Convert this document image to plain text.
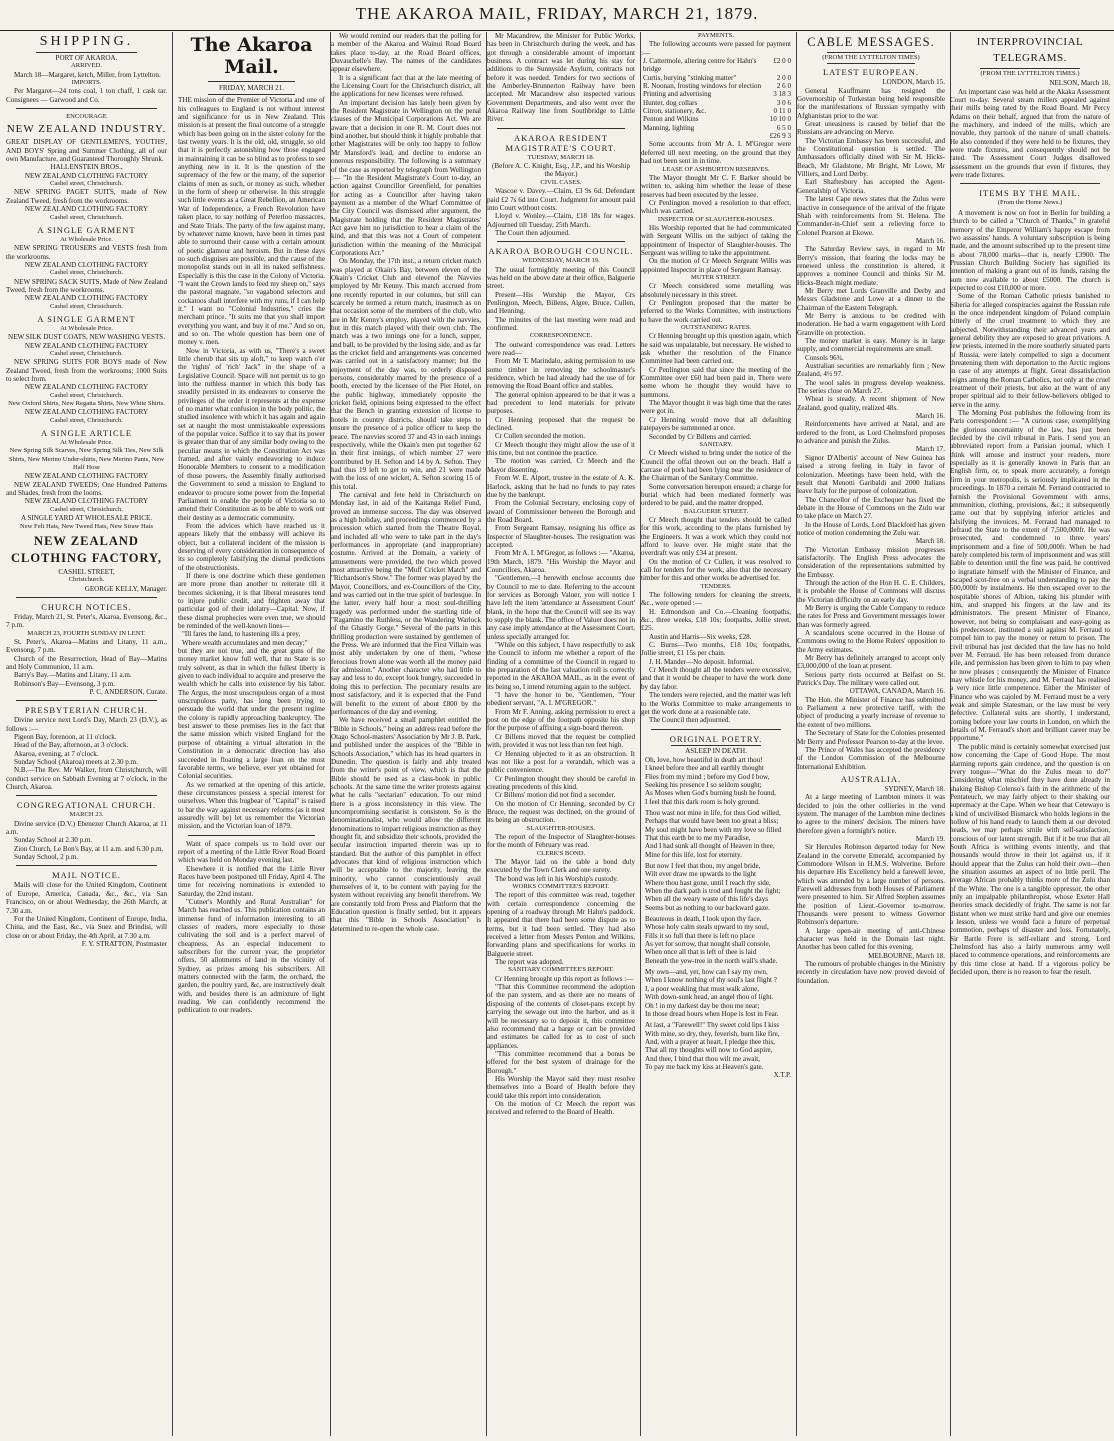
THE AKAROA MAIL, FRIDAY, MARCH 21, 1879.
SHIPPING.

PORT OF AKAROA.

ARRIVED.

March 18—Margaret, ketch, Miller, from Lyttelton.

IMPORTS.

Per Margaret—24 tons coal, 1 ton chaff, 1 cask tar. Consignees — Garwood and Co.

ENCOURAGE

NEW ZEALAND INDUSTRY.

GREAT DISPLAY OF GENTLEMEN'S, YOUTHS', AND BOYS' Spring and Summer Clothing, all of our own Manufacture, and Guaranteed Thoroughly Shrunk.

HALLENSTEIN BROS.,

NEW ZEALAND CLOTHING FACTORY

Cashel street, Christchurch.

NEW SPRING PAGET SUITS, made of New Zealand Tweed, fresh from the workrooms.

NEW ZEALAND CLOTHING FACTORY

Cashel street, Christchurch.

A SINGLE GARMENT

At Wholesale Price.

NEW SPRING TROUSERS and VESTS fresh from the workrooms.

NEW ZEALAND CLOTHING FACTORY

Cashel street, Christchurch.

NEW SPRING SACK SUITS, Made of New Zealand Tweed, fresh from the workrooms.

NEW ZEALAND CLOTHING FACTORY

Cashel street, Christchurch.

A SINGLE GARMENT

At Wholesale Price.

NEW SILK DUST COATS, NEW WASHING VESTS.

NEW ZEALAND CLOTHING FACTORY

Cashel street, Christchurch.

NEW SPRING SUITS FOR BOYS made of New Zealand Tweed, fresh from the workrooms; 1000 Suits to select from.

NEW ZEALAND CLOTHING FACTORY

Cashel street, Christchurch.

New Oxford Shirts, New Regatta Shirts, New White Shirts.

NEW ZEALAND CLOTHING FACTORY

Cashel street, Christchurch.

A SINGLE ARTICLE

At Wholesale Price.

New Spring Silk Scarves, New Spring Silk Ties, New Silk Shirts, New Merino Under-shirts, New Merino Pants, New Half Hose

NEW ZEALAND CLOTHING FACTORY

NEW ZEALAND TWEEDS; One Hundred Patterns and Shades, fresh from the looms.

NEW ZEALAND CLOTHING FACTORY

Cashel street, Christchurch.

A SINGLE YARD AT WHOLESALE PRICE.

New Felt Hats, New Tweed Hats, New Straw Hats

NEW ZEALAND
CLOTHING FACTORY,

CASHEL STREET,

Christchurch.

GEORGE KELLY, Manager.

CHURCH NOTICES.

Friday, March 21, St. Peter's, Akaroa, Evensong, &c., 7 p.m.

MARCH 23, FOURTH SUNDAY IN LENT.

St. Peter's, Akaroa—Matins and Litany, 11 a.m., Evensong, 7 p.m.

Church of the Resurrection, Head of Bay—Matins and Holy Communion, 11 a.m.

Barry's Bay.—Matins and Litany, 11 a.m.

Robinson's Bay—Evensong, 3 p.m.

P. C. ANDERSON, Curate.

PRESBYTERIAN CHURCH.

Divine service next Lord's Day, March 23 (D.V.), as follows :—

Pigeon Bay, forenoon, at 11 o'clock.

Head of the Bay, afternoon, at 3 o'clock.

Akaroa, evening, at 7 o'clock.

Sunday School (Akaroa) meets at 2.30 p.m.

N.B.—The Rev. Mr Walker, from Christchurch, will conduct service on Sabbath Evening at 7 o'clock, in the Church, Akaroa.

CONGREGATIONAL CHURCH.

MARCH 23.

Divine service (D.V.) Ebenezer Church Akaroa, at 11 a.m.

Sunday School at 2.30 p.m.

Zion Church, Le Bon's Bay, at 11 a.m. and 6.30 p.m.

Sunday School, 2 p.m.

MAIL NOTICE.

Mails will close for the United Kingdom, Continent of Europe, America, Canada, &c., &c., via San Francisco, on or about Wednesday, the 26th March, at 7.30 a.m.

For the United Kingdom, Continent of Europe, India, China, and the East, &c., via Suez and Brindisi, will close on or about Friday, the 4th April, at 7.30 a.m.

F. Y. STRATTON, Postmaster

The Akaroa Mail.

FRIDAY, MARCH 21.

THE mission of the Premier of Victoria and one of his colleagues to England is not without interest and significance for us in New Zealand. This mission is at present the final outcome of a struggle which has been going on in the sister colony for the last twenty years. It is the old, old, struggle, so old that it is perfectly astonishing how those engaged in maintaining it can be so blind as to profess to see anything new in it. It is the question of the supremacy of the few or the many, of the superior claims of men as such, or money as such, whether in the form of sheep or otherwise. In this struggle such little events as a Great Rebellion, an American War of Independence, a French Revolution have taken place, to say nothing of Peterloo massacres, and State Trials. The party of the few against many, by whatever name known, have been in times past able to surround their cause with a certain amount of poetic glamour and heroism. But in these days no such disguises are possible, and the cause of the monopolist stands out in all its naked selfishness. Especially is this the case in the Colony of Victoria. "I want the Crown lands to feed my sheep on," says the pastoral magnate, "so vagabond selectors and cockatoos shall interfere with my runs, if I can help it." I want no "Colonial Industries," cries the merchant prince. "It suits me that you shall import everything you want, and buy it of me." And so on, and so on. The whole question has been one of money v. men.

Now in Victoria, as with us, "There's a sweet little cherub that sits up aloft," to keep watch o'er the 'rights' of 'rich' Jack" in the shape of a Legislative Council. Space will not permit us to go into the ruthless manner in which this body has steadily persisted in its endeavors to conserve the privileges of the order it represents at the expense of no matter what confusion in the body politic, the studied insolence with which it has again and again set at naught the most unmistakeable expressions of the popular voice. Suffice it to say that its power is greater than that of any similar body owing to the peculiar means in which the Constitution Act was framed, and after vainly endeavoring to induce Honorable Members to consent to a modification of those powers, the Assembly finally authorised the Government to send a mission to England to endeavor to procure some power from the Imperial Parliament to enable the people of Victoria so to amend their Constitution as to be able to work out their destiny as a democratic community.

From the advices which have reached us it appears likely that the embassy will achieve its object, but a collateral incident of the mission is deserving of every consideration in consequence of its so completely falsifying the dismal predictions of the obstructionists.

If there is one doctrine which these gentlemen are more prone than another to reiterate till it becomes sickening, it is that liberal measures tend to injure public credit, and frighten away that particular god of their idolatry—Capital. Now, if these dismal prophecies were even true, we should be reminded of the well-known lines—

"Ill fares the land, to hastening ills a prey,

Where wealth accumulates and men decay;"

but they are not true, and the great guns of the money market know full well, that no State is so truly solvent, as that in which the fullest liberty is given to each individual to acquire and preserve the wealth which he calls into existence by his labor. The Argus, the most unscrupulous organ of a most unscrupulous party, has long been trying to persuade the world that under the present regime the colony is rapidly approaching bankruptcy. The best answer to these premises lies in the fact that the same mission which visited England for the purpose of obtaining a virtual alteration in the Constitution in a democratic direction has also succeeded in floating a large loan on the most favorable terms, we believe, ever yet obtained for Colonial securities.

As we remarked at the opening of this article, these circumstances possess a special interest for ourselves. When this bugbear of "Capital" is raised to bar the way against necessary reforms (as it most assuredly will be) let us remember the Victorian mission, and the Victorian loan of 1879.

Want of space compels us to hold over our report of a meeting of the Little River Road Board which was held on Monday evening last.

Elsewhere it is notified that the Little River Races have been postponed till Friday, April 4. The time for receiving nominations is extended to Saturday, the 22nd instant.

"Cutner's Monthly and Rural Australian" for March has reached us. This publication contains an immense fund of information interesting to all classes of readers, more especially to those cultivating the soil and is a perfect marvel of cheapness. As an especial inducement to subscribers for the current year, the proprietor offers, 50 allotments of land in the vicinity of Sydney, as prizes among his subscribers. All matters connected with the farm, the orchard, the garden, the poultry yard, &c, are instructively dealt with, and besides there is an admixture of light reading. We can confidently recommend the publication to our readers.

We would remind our readers that the polling for a member of the Akaroa and Wainui Road Board takes place to-day, at the Road Board offices, Duvauchelle's Bay. The names of the candidates appear elsewhere.

It is a significant fact that at the late meeting of the Licensing Court for the Christchurch district, all the applications for new licenses were refused.

An important decision has lately been given by the Resident Magistrate in Wellington on the penal clauses of the Municipal Corporations Act. We are aware that a decision in one R. M. Court does not bind another, but should think it highly probable that other Magistrates will be only too happy to follow Mr Mansford's lead, and decline to endorse an onerous responsibility. The following is a summary of the case as reported by telegraph from Wellington :— "In the Resident Magistrate's Court to-day, an action against Councillor Greenfield, for penalties for acting as a Councillor after having taken payment as a member of the Wharf Committee of the City Council was dismissed after argument, the Magistrate holding that the Resident Magistrates' Act gave him no jurisdiction to hear a claim of the kind, and that this was not a Court of competent jurisdiction within the meaning of the Municipal Corporations Act."

On Monday, the 17th inst., a return cricket match was played at Okain's Bay, between eleven of the Okain's Cricket Club and elevenof the Navvies employed by Mr Kenny. This match accrued from one recently reported in our columns, but still can scarcely be termed a return match, inasmuch as on that occasion some of the members of the club, who are in Mr Kenny's employ, played with the navvies, but in this match played with their own club. The match was a two innings one for a lunch, supper, and ball, to be provided by the losing side, and as far as the cricket field and arrangements was concerned was carried out in a satisfactory manner; but the enjoyment of the day was, to orderly disposed persons, considerably marred by the presence of a booth, erected by the licensee of the Pier Hotel, on the public highway, immediately opposite the cricket field, opinions being expressed to the effect that the Bench in granting extension of license to hotels in country districts, should take steps to ensure the presence of a police officer to keep the peace. The navvies scored 37 and 43 in each innings respectively, while the Okain's men put together 62 in their first innings, of which number 27 were contributed by H. Sefton and 14 by A. Sefton. They had thus 19 left to get to win, and 21 were made with the loss of one wicket, A. Sefton scoring 15 of this total.

The carnival and fete held in Christchurch on Monday last, in aid of the Kaitanga Relief Fund, proved an immense success. The day was observed as a high holiday, and proceedings commenced by a procession which started from the Theatre Royal, and included all who were to take part in the day's performances in appropriate (and inappropriate) costume. Arrived at the Domain, a variety of amusements were provided, the two which proved most attractive being the "Muff Cricket Match" and "Richardson's Show." The former was played by the Mayor, Councillors, and ex-Councillors of the City, and was carried out in the true spirit of burlesque. In the latter, every half hour a most soul-thrilling tragedy was performed under the startling title of "Ragamino the Ruthless, or the Wandering Warlock of the Ghastly Gorge." Several of the parts in this thrilling production were sustained by gentlemen of the Press. We are informed that the First Villain was most ably undertaken by one of them, "whose ferocious frown alone was worth all the money paid for admission." Another character who had little to say and less to do, except look hungry, succeeded in doing this to perfection. The pecuniary results are most satisfactory, and it is expected that the Fund will benefit to the extent of about £800 by the performances of the day and evening.

We have received a small pamphlet entitled the "Bible in Schools," being an address read before the Otago School-masters' Association by Mr J. B. Park, and published under the auspices of the "Bible in Schools Association," which has its head quarters in Dunedin. The question is fairly and ably treated from the writer's point of view, which is that the Bible should be used as a class-book in public schools. At the same time the writer protests against what he calls "sectarian" education. To our mind there is a gross inconsistency in this view. The uncompromising secularist is consistent. So is the denominationalist, who would allow the different denominations to impart religious instruction as they thought fit, and subsidize their schools, provided the secular instruction imparted therein was up to standard. But the author of this pamphlet in effect advocates that kind of religious instruction which will be acceptable to the majority, leaving the minority, who cannot conscientiously avail themselves of it, to be content with paying for the system without receiving any benefit therefrom. We are constantly told from Press and Platform that the Education question is finally settled, but it appears that this "Bible in Schools Association" is determined to re-open the whole case.

Mr Macandrew, the Minister for Public Works, has been in Christchurch during the week, and has got through a considerable amount of important business. A contract was let during his stay for additions to the Sunnyside Asylum, contracts not before it was needed. Tenders for two sections of the Amberley-Brunnerton Railway have been accepted. Mr Macandrew also inspected various Government Departments, and also went over the Akaroa Railway line from Southbridge to Little River.

AKAROA RESIDENT MAGISTRATE'S COURT.

TUESDAY, MARCH 18.

(Before A. C. Knight, Esq., J.P., and his Worship the Mayor.)

CIVIL CASES.

Wascoe v. Davey.—Claim, £3 9s 6d. Defendant paid £2 7s 6d into Court. Judgment for amount paid into Court without costs.

Lloyd v. Wonley.—Claim, £18 18s for wages. Adjourned till Tuesday, 25th March.

The Court then adjourned.

AKAROA BOROUGH COUNCIL.

WEDNESDAY, MARCH 19.

The usual fortnightly meeting of this Council was held on the above date at their office, Balguerie street.

Present—His Worship the Mayor, Crs Penlington, Meech, Billens, Algee, Bruce, Cullen, and Henning.

The minutes of the last meeting were read and confirmed.

CORRESPONDENCE.

The outward correspondence was read. Letters were read—

From Mr T. Marindalo, asking permission to use some timber in removing the schoolmaster's residence, which he had already had the use of for removing the Road Board office and stables.

The general opinion appeared to be that it was a bad precedent to lend materials for private purposes.

Cr Henning proposed that the request be declined.

Cr Cullen seconded the motion.

Cr Meech thought they might allow the use of it this time, but not continue the practice.

The motion was carried, Cr Meech and the Mayor dissenting.

From W. E. Alport, trustee in the estate of A. K. Harlock, asking that he had no funds to pay rates due by the bankrupt.

From the Colonial Secretary, enclosing copy of award of Commissioner between the Borough and the Road Board.

From Sergeant Ramsay, resigning his office as Inspector of Slaughter-houses. The resignation was accepted.

From Mr A. I. M'Gregor, as follows :— "Akaroa, 19th March, 1879. "His Worship the Mayor and Councillors, Akaroa.

"Gentlemen,—I herewith enclose accounts due by Council to me to date. Referring to the account for services as Borough Valuer, you will notice I have left the item 'attendance at Assessment Court' blank, in the hope that the Council will see its way to supply the blank. The office of Valuer does not in any case imply attendance at the Assessment Court, unless specially arranged for.

"While on this subject, I have respectfully to ask the Council to inform me whether a report of the finding of a committee of the Council in regard to the preparation of the last valuation roll is correctly reported in the AKAROA MAIL, as in the event of its being so, I intend returning again to the subject.

"I have the honor to be, "Gentlemen, "Your obedient servant, "A. I. M'GREGOR."

From Mr F. Anning, asking permission to erect a post on the edge of the footpath opposite his shop for the purpose of affixing a sign-board thereon.

Cr Billens moved that the request be complied with, provided it was not less than ten feet high.

Cr Henning objected to it as an obstruction. It was not like a post for a verandah, which was a public convenience.

Cr Penlington thought they should be careful in creating precedents of this kind.

Cr Billens' motion did not find a seconder.

On the motion of Cr Henning, seconded by Cr Bruce, the request was declined, on the ground of its being an obstruction.

SLAUGHTER-HOUSES.

The report of the Inspector of Slaughter-houses for the month of February was read.

CLERK'S BOND.

The Mayor laid on the table a bond duly executed by the Town Clerk and one surety.

The bond was left in his Worship's custody.

WORKS COMMITTEE'S REPORT.

The report of this committee was read, together with certain correspondence concerning the opening of a roadway through Mr Hahn's paddock. It appeared that there had been some dispute as to terms, but it had been settled. They had also received a letter from Messrs Penton and Wilkins, forwarding plans and specifications for works in Balguerie street.

The report was adopted.

SANITARY COMMITTEE'S REPORT.

Cr Henning brought up this report as follows :—

"That this Committee recommend the adoption of the pan system, and as there are no means of disposing of the contents of closet-pans except by carrying the sewage out into the harbor, and as it will be necessary so to deposit it, this committee also recommend that a barge or cart be provided and estimates be called for as to cost of such appliances.

"This committee recommend that a bonus be offered for the best system of drainage for the Borough."

His Worship the Mayor said they must resolve themselves into a Board of Health before they could take this report into consideration.

On the motion of Cr Meech the report was received and referred to the Board of Health.

PAYMENTS.

The following accounts were passed for payment :—

£2 0 0
J. Cattermole, altering centre for Hahn's bridge

2 0 0
Curtis, burying "stinking matter"

2 6 0
R. Noonan, frosting windows for election

3 18 3
Printing and advertising

3 0 6
Hunter, dog collars

0 11 0
Citron, stationery, &c.

10 10 0
Penton and Wilkins

6 5 0
Manning, lighting

£26 9 3

Some accounts from Mr A. I. M'Gregor were deferred till next meeting, on the ground that they had not been sent in in time.

LEASE OF ASHBURTON RESERVES.

The Mayor thought Mr C. F. Barker should be written to, asking him whether the lease of these reserves had been executed by the lessee.

Cr Penlington moved a resolution to that effect, which was carried.

INSPECTOR OF SLAUGHTER-HOUSES.

His Worship reported that he had communicated with Sergeant Willis on the subject of taking the appointment of Inspector of Slaughter-houses. The Sergeant was willing to take the appointment.

On the motion of Cr Meech Sergeant Willis was appointed Inspector in place of Sergeant Ramsay.

MUTER STREET.

Cr Meech considered some metalling was absolutely necessary in this street.

Cr Penlington proposed that the matter be referred to the Works Committee, with instructions to have the work carried out.

OUTSTANDING RATES.

Cr Henning brought up this question again, which he said was unpalatable, but necessary. He wished to ask whether the resolution of the Finance Committee had been carried out.

Cr Penlington said that since the meeting of the Committee over £60 had been paid in. There were some whom he thought they would have to summons.

The Mayor thought it was high time that the rates were got in.

Cr Henning would move that all defaulting ratepayers be summoned at once.

Seconded by Cr Billens and carried.

SANITARY.

Cr Meech wished to bring under the notice of the Council the offal thrown out on the beach. Half a carcase of pork had been lying near the residence of the Chairman of the Sanitary Committee.

Some conversation hereupon ensued; a charge for burial which had been mediated formerly was ordered to be paid, and the matter dropped.

BALGUERIE STREET.

Cr Meech thought that tenders should be called for this work, according to the plans furnished by the Engineers. It was a work which they could not afford to leave over. He might state that the overdraft was only £34 at present.

On the motion of Cr Cullen, it was resolved to call for tenders for the work, also that the necessary timber for this and other works be advertised for.

TENDERS.

The following tenders for cleaning the streets, &c., were opened :—

H. Edmondson and Co.—Cleaning footpaths, &c., three weeks, £18 10s; footpaths, Jollie street, £25.

Austin and Harris—Six weeks, £28.

C. Burns—Two months, £18 10s; footpaths, Jollie street, £1 15s per chain.

J. H. Mander—No deposit. Informal.

Cr Meech thought all the tenders were excessive, and that it would be cheaper to have the work done by day labor.

The tenders were rejected, and the matter was left to the Works Committee to make arrangements to get the work done at a reasonable rate.

The Council then adjourned.

ORIGINAL POETRY.

ASLEEP IN DEATH.

Oh, love, how beautiful in death art thou!

I kneel before thee and all earthly thought

Flies from my mind ; before my God I bow,

Seeking his presence I so seldom sought;

As Moses when God's burning bush he found,

I feel that this dark room is holy ground.

Thou wast not mine in life, for thus God willed,

Perhaps that would have been too great a bliss;

My soul might have been with my love so filled

That this earth be to me my Paradise,

And I had sunk all thought of Heaven in thee,

Mine for this life, lost for eternity.

But now I feel that thou, my angel bride,

Wilt ever draw me upwards to the light

Where thou hast gone, until I reach thy side,

When the dark path is trod and fought the fight;

When all the weary waste of this life's days

Seems but as nothing to our backward gaze.

Beauteous in death, I look upon thy face,

Whose holy calm steals upward to my soul,

Fills it so full that there is left no place

As yet for sorrow, that nought shall console,

When once all that is left of thee is laid

Beneath the yew-tree in the north wall's shade.

My own—and, yet, how can I say my own,

When I know nothing of thy soul's last flight ?

I, a poor weakling that must walk alone,

With down-sunk head, an angel thou of light.

Oh ! in my darkest day be thou me near;

In those dread hours when Hope is lost in Fear.

At last, a "Farewell!" Thy sweet cold lips I kiss

With mine, so dry, they, feverish, burn like fire,

And, with a prayer at heart, I pledge thee this,

That all my thoughts will now to God aspire,

And thee, I bind that thou wilt me await,

To pay me back my kiss at Heaven's gate.

X.T.P.

CABLE MESSAGES.

(FROM THE LYTTELTON TIMES)

LATEST EUROPEAN.

LONDON, March 15.

General Kauffmann has resigned the Governorship of Turkestan being held responsible for the manifestations of Russian sympathy with Afghanistan prior to the war.

Great uneasiness is caused by belief that the Russians are advancing on Merve.

The Victorian Embassy has been successful, and the Constitutional question is settled. The Ambassadors officially dined with Sir M. Hicks-Beach, Mr Gladstone, Mr Bright, Mr Lowe, Mr Villiers, and Lord Derby.

Earl Shaftesbury has accepted the Agent-Generalship of Victoria.

The latest Cape news states that the Zulus were inactive in consequence of the arrival of the frigate Shah with reinforcements from St. Helena. The Commander-in-Chief sent a relieving force to Colonel Pearson at Ekowe.

March 16.

The Saturday Review says, in regard to Mr Berry's mission, that fearing the locks may be renewed unless the constitution is altered, it approves a nominee Council and thinks Sir M. Hicks-Beach might mediate.

Mr Berry met Lords Granville and Derby and Messrs Gladstone and Lowe at a dinner to the Chairman of the Eastern Telegraph.

Mr Berry is anxious to be credited with moderation. He had a warm engagement with Lord Granville on protection.

The money market is easy. Money is in large supply, and commercial requirements are small.

Consols 96¾.

Australian securities are remarkably firm ; New Zealand, 4½ 97.

The wool sales in progress develop weakness. The series close on March 27.

Wheat is steady. A recent shipment of New Zealand, good quality, realized 48s.

March 16.

Reinforcements have arrived at Natal, and are ordered to the front, as Lord Chelmsford proposes to advance and punish the Zulus.

March 17.

Signor D'Albertis' account of New Guinea has raised a strong feeling in Italy in favor of colonization. Meetings have been held, with the result that Menotti Garibaldi and 2000 Italians leave Italy for the purpose of colonization.

The Chancellor of the Exchequer has fixed the debate in the House of Commons on the Zulu war to take place on March 27.

In the House of Lords, Lord Blackford has given notice of motion condemning the Zulu war.

March 18.

The Victorian Embassy mission progresses satisfactorily. The English Press advocates the consideration of the representations submitted by the Embassy.

Through the action of the Hon H. C. E. Childers, it is probable the House of Commons will discuss the Victorian difficulty on an early day.

Mr Berry is urging the Cable Company to reduce the rates for Press and Government messages lower than was formerly agreed.

A scandalous scene occurred in the House of Commons owing to the Home Rulers' opposition to the Army estimates.

Mr Berry has definitely arranged to accept only £3,000,000 of the loan at present.

Serious party riots occurred at Belfast on St. Patrick's Day. The military were called out.

OTTAWA, CANADA, March 16.

The Hon. the Minister of Finance has submitted to Parliament a new protective tariff, with the object of producing a yearly increase of revenue to the extent of two millions.

The Secretary of State for the Colonies presented Mr Berry and Professor Pearson to-day at the levee.

The Prince of Wales has accepted the presidency of the London Commission of the Melbourne International Exhibition.

AUSTRALIA.

SYDNEY, March 18.

At a large meeting of Lambton miners it was decided to join the other collieries in the vend system. The manager of the Lambton mine declines to agree to the miners' decision. The miners have therefore given a fortnight's notice.

March 19.

Sir Hercules Robinson departed today for New Zealand in the corvette Emerald, accompanied by Commodore Wilson in H.M.S. Wolverine. Before his departure His Excellency held a farewell levee, which was attended by a large number of persons. Farewell addresses from both Houses of Parliament were presented to him. Sir Alfred Stephen assumes the position of Lieut.-Governor to-morrow. Thousands were present to witness Governor Robinson's departure.

A large open-air meeting of anti-Chinese character was held in the Domain last night. Another has been called for this evening.

MELBOURNE, March 18.

The rumours of probable changes in the Ministry recently in circulation have now proved devoid of foundation.

INTERPROVINCIAL TELEGRAMS.

(FROM THE LYTTELTON TIMES.)

NELSON, March 18.

An important case was held at the Akaka Assessment Court to-day. Several steam millers appealed against their mills being rated by the Road Board. Mr Percy Adams on their behalf, argued that from the nature of the machinery, and indeed of the mills, which are movable, they partook of the nature of small chattels. He also contended if they were held to be fixtures, they were trade fixtures, and consequently should not be rated. The Assessment Court Judges disallowed assessment on the grounds that even if fixtures, they were trade fixtures.

ITEMS BY THE MAIL.

(From the Home News.)

A movement is now on foot in Berlin for building a church to be called a "Church of Thanks," in grateful memory of the Emperor William's happy escape from two assassins' hands. A voluntary subscription is being made, and the amount subscribed up to the present time is about 78,000 marks—that is, nearly £3900. The Prussian Church Building Society has signified its intention of making a grant out of its funds, raising the sum now available to about £5000. The church is expected to cost £10,000 or more.

Some of the Roman Catholic priests banished to Siberia for alleged conspiracies against the Russian rule in the once independent kingdom of Poland complain bitterly of the cruel treatment to which they are subjected. Notwithstanding their advanced years and general debility they are exposed to great privations. A few priests, interned in the more southerly situated parts of Russia, were lately compelled to sign a document threatening them with deportation to the Arctic regions in case of any attempts at flight. Great dissatisfaction reigns among the Roman Catholics, not only at the cruel treatment of their priests, but also at the want of any proper spiritual aid to their fellow-believers obliged to serve in the army.

The Morning Post publishes the following from its Paris correspondent :— "A curious case, exemplifying the glorious uncertainty of the law, has just been decided by the civil tribunal in Paris. I send you an abbreviated report from a Parisian journal, which I think will amuse and instruct your readers, more especially as it is generally known in Paris that an English firm, or, to speak more accurately, a foreign firm in your metropolis, is seriously implicated in the proceedings. In 1870 a certain M. Ferraud contracted to furnish the Provisional Government with arms, ammunition, clothing, provisions, &c.; it subsequently came out that by supplying inferior articles and falsifying the invoices, M. Ferraud had managed to defraud the State to the extent of 7,500,000fr. He was prosecuted, and condemned to three years' imprisonment and a fine of 500,000fr. When he had barely completed his term of imprisonment and was still liable to detention until the fine was paid, he contrived to ingratiate himself with the Minister of Finance, and escaped scot-free on a verbal understanding to pay the 500,000fr by instalments. He then escaped over to the hospitable shores of Albion, taking his plunder with him, and snapped his fingers at the law and its administrators. The present Minister of Finance, however, not being so complaisant and easy-going as his predecessor, instituted a suit against M. Ferraud to compel him to pay the money or return to prison. The civil tribunal has just decided that the law has no hold over M. Ferraud. He has been released from durance vile, and permission has been given to him to pay when he now pleases ; consequently the Minister of Finance may whistle for his money, and M. Ferraud has realised a very nice little competence. Either the Minister of Finance who was cajoled by M. Ferraud must be a very weak and simple Statesman, or the law must be very defective. Collateral suits are shortly, I understand, coming before your law courts in London, on which the details of M. Ferraud's short and brilliant career may be opportune."

The public mind is certainly somewhat exercised just now concerning the Cape of Good Hope. The most alarming reports gain credence, and the question is on every tongue—"What do the Zulus mean to do?" Considering what mischief they have done already in shaking Bishop Colenso's faith in the arithmetic of the Pentateuch, we may fairly object to their shaking our supremacy at the Cape. When we hear that Cetewayo is a kind of uncivilised Bismarck who holds legions in the hollow of his hand ready to launch them at our devoted heads, we may perhaps smile with self-satisfaction, conscious of our latent strength. But if it be true that all South Africa is writhing events intently, and that thousands would throw in their lot against us, if it should appear that the Zulus can hold their own—then the situation assumes an aspect of no little peril. The average African probably thinks more of the Zulu than of the White. The one is a tangible oppressor, the other only an impalpable philanthropist, whose Exeter Hall theories smack decidedly of fright. The same is not far distant when we must strike hard and give our enemies a lesson, unless we would face a future of perpetual commotion, perhaps of disaster and loss. Fortunately, Sir Bartle Frere is self-reliant and strong. Lord Chelmsford has also a fairly numerous army well placed to commence operations, and reinforcements are by this time close at hand. If a vigorous policy be decided upon, there is no reason to fear the result.
